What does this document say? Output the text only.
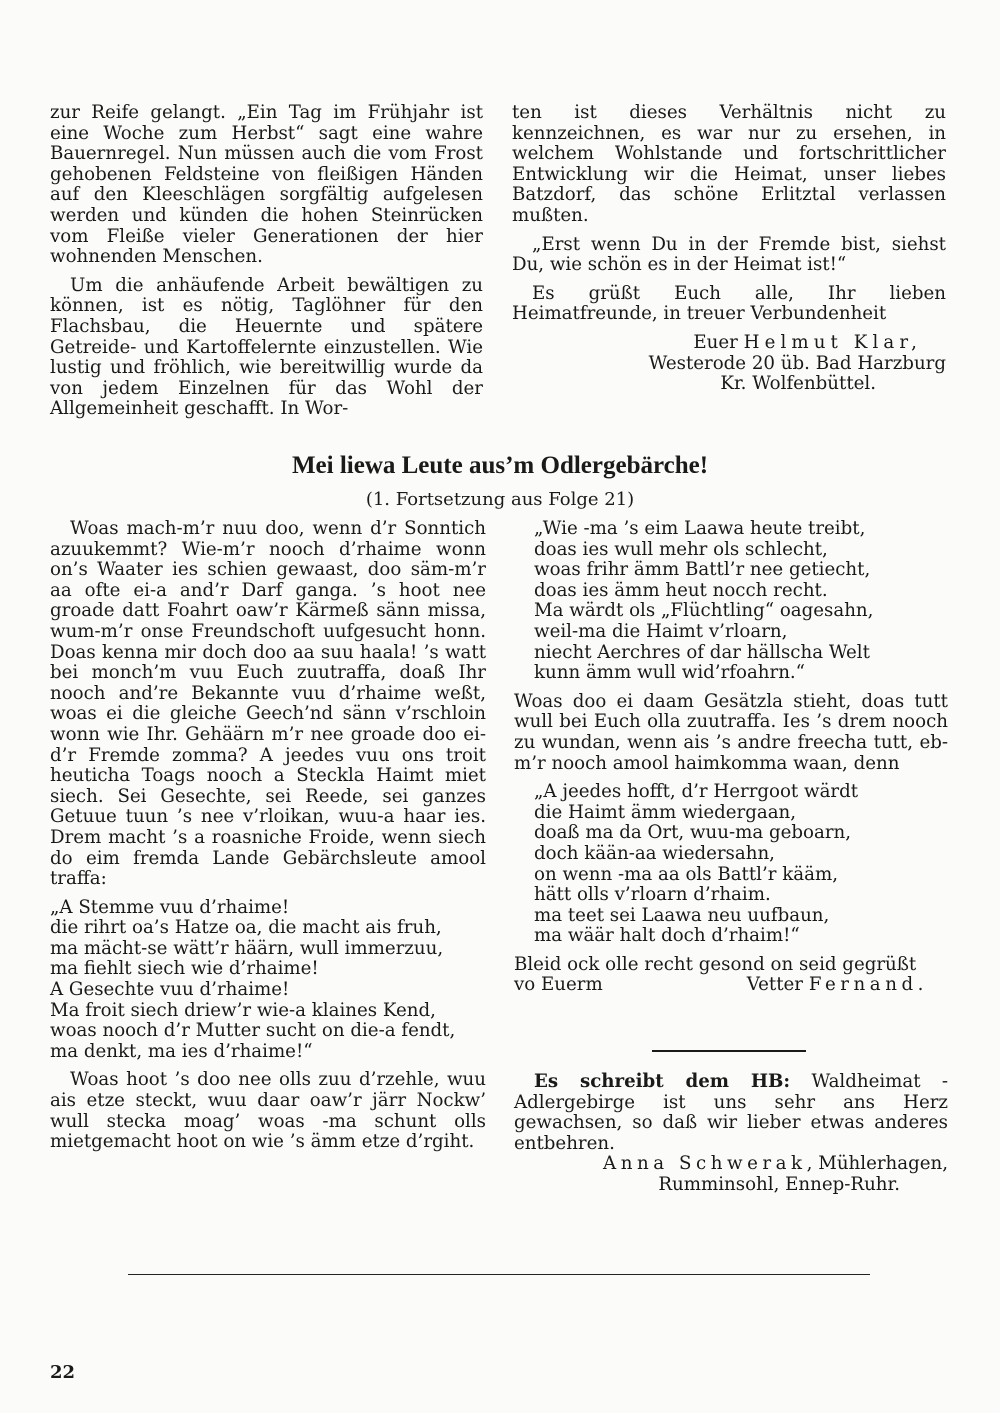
zur Reife gelangt. „Ein Tag im Frühjahr ist eine Woche zum Herbst“ sagt eine wahre Bauernregel. Nun müssen auch die vom Frost gehobenen Feldsteine von fleißigen Händen auf den Kleeschlägen sorgfältig aufgelesen werden und künden die hohen Steinrücken vom Fleiße vieler Generationen der hier wohnenden Menschen.

Um die anhäufende Arbeit bewältigen zu können, ist es nötig, Taglöhner für den Flachsbau, die Heuernte und spätere Getreide- und Kartoffelernte einzustellen. Wie lustig und fröhlich, wie bereitwillig wurde da von jedem Einzelnen für das Wohl der Allgemeinheit geschafft. In Wor-

ten ist dieses Verhältnis nicht zu kennzeichnen, es war nur zu ersehen, in welchem Wohlstande und fortschrittlicher Entwicklung wir die Heimat, unser liebes Batzdorf, das schöne Erlitztal verlassen mußten.

„Erst wenn Du in der Fremde bist, siehst Du, wie schön es in der Heimat ist!“

Es grüßt Euch alle, Ihr lieben Heimatfreunde, in treuer Verbundenheit

Euer Helmut Klar,

Westerode 20 üb. Bad Harzburg

Kr. Wolfenbüttel.

Mei liewa Leute aus’m Odlergebärche!
(1. Fortsetzung aus Folge 21)

Woas mach-m’r nuu doo, wenn d’r Sonntich azuukemmt? Wie-m’r nooch d’rhaime wonn on’s Waater ies schien gewaast, doo säm-m’r aa ofte ei-a and’r Darf ganga. ’s hoot nee groade datt Foahrt oaw’r Kärmeß sänn missa, wum-m’r onse Freundschoft uufgesucht honn. Doas kenna mir doch doo aa suu haala! ’s watt bei monch’m vuu Euch zuutraffa, doaß Ihr nooch and’re Bekannte vuu d’rhaime weßt, woas ei die gleiche Geech’nd sänn v’rschloin wonn wie Ihr. Gehäärn m’r nee groade doo ei- d’r Fremde zomma? A jeedes vuu ons troit heuticha Toags nooch a Steckla Haimt miet siech. Sei Gesechte, sei Reede, sei ganzes Getuue tuun ’s nee v’rloikan, wuu-a haar ies. Drem macht ’s a roasniche Froide, wenn siech do eim fremda Lande Gebärchsleute amool traffa:

„A Stemme vuu d’rhaime!
die rihrt oa’s Hatze oa, die macht ais fruh,
ma mächt-se wätt’r häärn, wull immerzuu,
ma fiehlt siech wie d’rhaime!
A Gesechte vuu d’rhaime!
Ma froit siech driew’r wie-a klaines Kend,
woas nooch d’r Mutter sucht on die-a fendt,
ma denkt, ma ies d’rhaime!“

Woas hoot ’s doo nee olls zuu d’rzehle, wuu ais etze steckt, wuu daar oaw’r järr Nockw’ wull stecka moag’ woas -ma schunt olls mietgemacht hoot on wie ’s ämm etze d’rgiht.

„Wie -ma ’s eim Laawa heute treibt,
doas ies wull mehr ols schlecht,
woas frihr ämm Battl’r nee getiecht,
doas ies ämm heut nocch recht.
Ma wärdt ols „Flüchtling“ oagesahn,
weil-ma die Haimt v’rloarn,
niecht Aerchres of dar hällscha Welt
kunn ämm wull wid’rfoahrn.“

Woas doo ei daam Gesätzla stieht, doas tutt wull bei Euch olla zuutraffa. Ies ’s drem nooch zu wundan, wenn ais ’s andre freecha tutt, eb- m’r nooch amool haimkomma waan, denn

„A jeedes hofft, d’r Herrgoot wärdt
die Haimt ämm wiedergaan,
doaß ma da Ort, wuu-ma geboarn,
doch kään-aa wiedersahn,
on wenn -ma aa ols Battl’r kääm,
hätt olls v’rloarn d’rhaim.
ma teet sei Laawa neu uufbaun,
ma wäär halt doch d’rhaim!“
Bleid ock olle recht gesond on seid gegrüßt
vo Euerm	Vetter Fernand.
Es schreibt dem HB: Waldheimat - Adlergebirge ist uns sehr ans Herz gewachsen, so daß wir lieber etwas anderes entbehren.
Anna Schwerak, Mühlerhagen,
Rumminsohl, Ennep-Ruhr.
22
